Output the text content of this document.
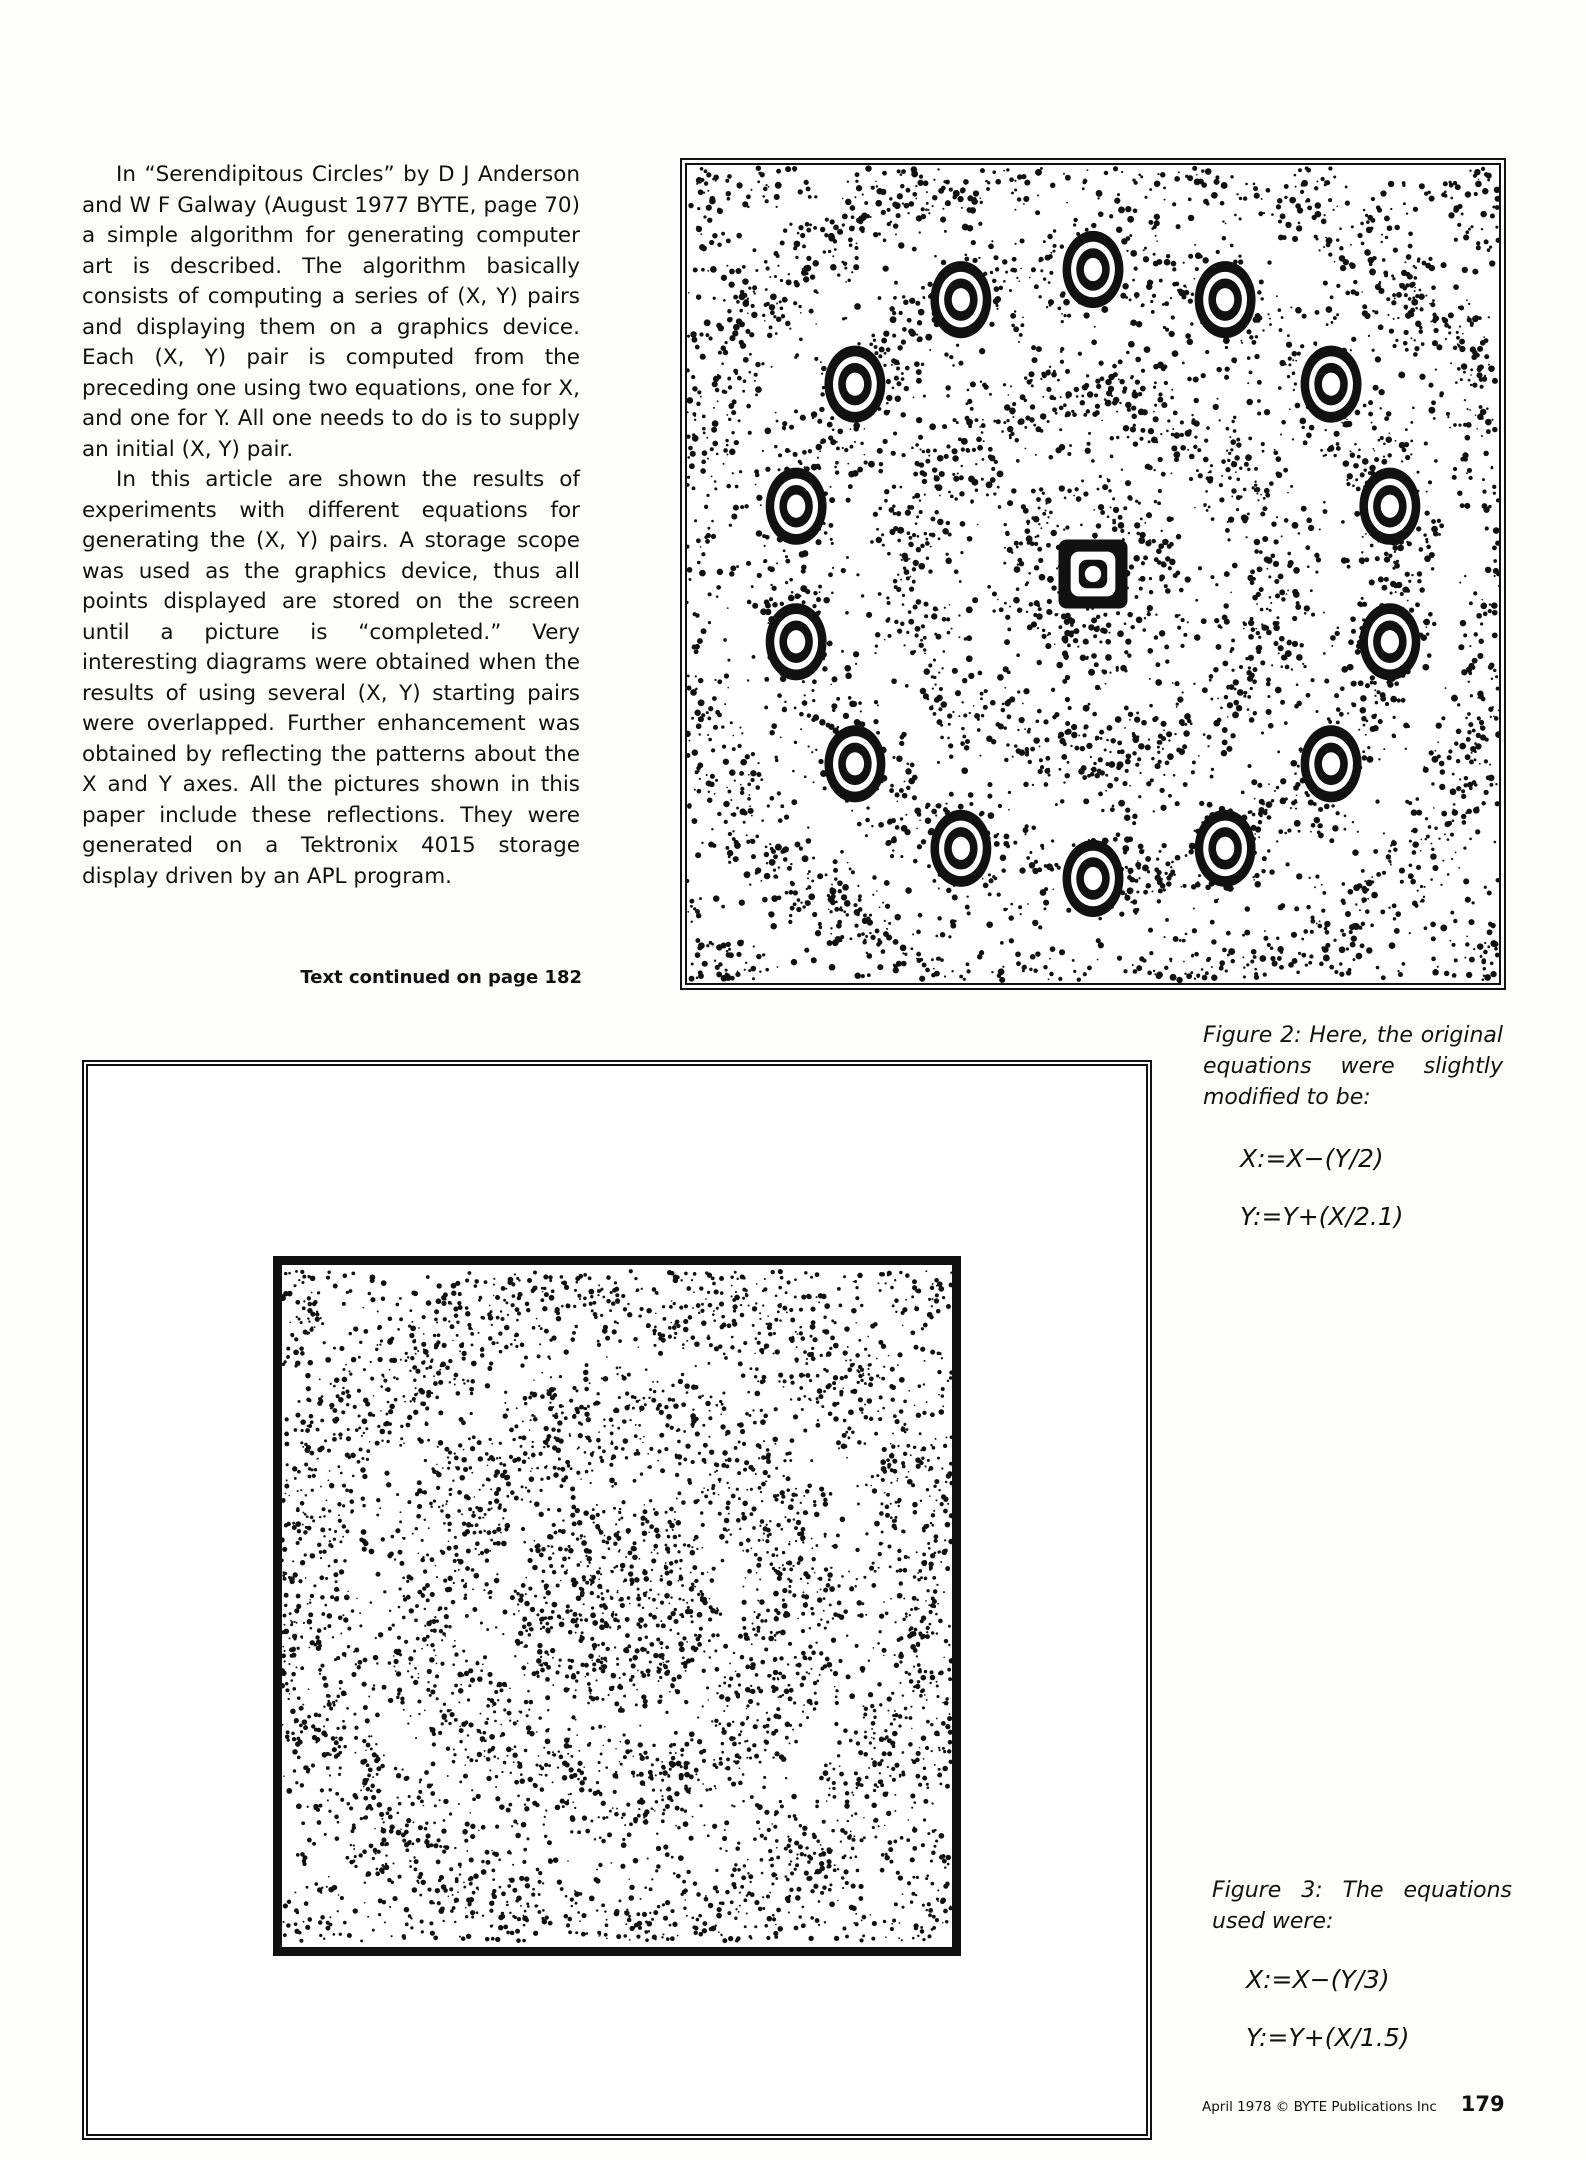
In “Serendipitous Circles” by D J Anderson and W F Galway (August 1977 BYTE, page 70) a simple algorithm for generating computer art is described. The algorithm basically consists of computing a series of (X, Y) pairs and displaying them on a graphics device. Each (X, Y) pair is computed from the preceding one using two equations, one for X, and one for Y. All one needs to do is to supply an initial (X, Y) pair.

In this article are shown the results of experiments with different equations for generating the (X, Y) pairs. A storage scope was used as the graphics device, thus all points displayed are stored on the screen until a picture is “completed.” Very interesting diagrams were obtained when the results of using several (X, Y) starting pairs were overlapped. Further enhancement was obtained by reflecting the patterns about the X and Y axes. All the pictures shown in this paper include these reflections. They were generated on a Tektronix 4015 storage display driven by an APL program.

Text continued on page 182
Figure 2: Here, the original equations were slightly modified to be:
X:=X−(Y/2)
Y:=Y+(X/2.1)
Figure 3: The equations used were:
X:=X−(Y/3)
Y:=Y+(X/1.5)
April 1978 © BYTE Publications Inc 179
